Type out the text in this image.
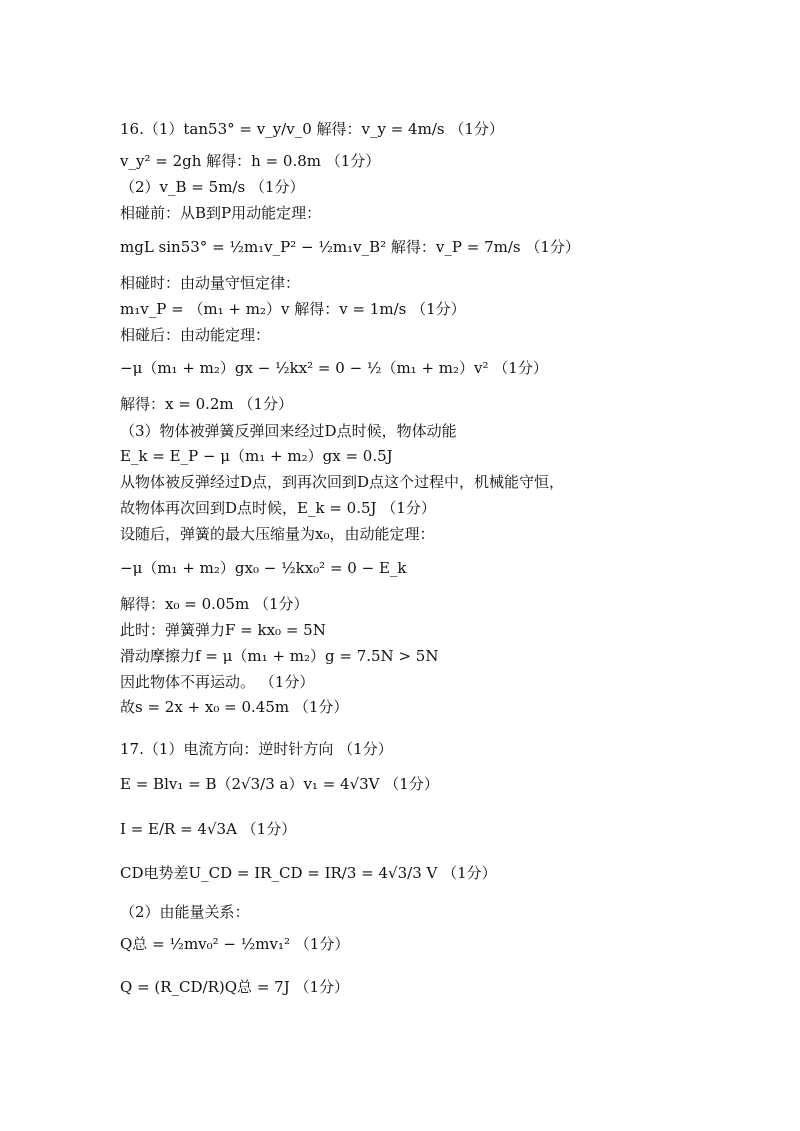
16.（1）tan53° = v_y/v_0 解得：v_y = 4m/s （1分）
v_y² = 2gh 解得：h = 0.8m （1分）
（2）v_B = 5m/s （1分）
相碰前：从B到P用动能定理：
mgL sin53° = ½m₁v_P² − ½m₁v_B² 解得：v_P = 7m/s （1分）
相碰时：由动量守恒定律：
m₁v_P = （m₁ + m₂）v 解得：v = 1m/s （1分）
相碰后：由动能定理：
−μ（m₁ + m₂）gx − ½kx² = 0 − ½（m₁ + m₂）v² （1分）
解得：x = 0.2m （1分）
（3）物体被弹簧反弹回来经过D点时候，物体动能
E_k = E_P − μ（m₁ + m₂）gx = 0.5J
从物体被反弹经过D点，到再次回到D点这个过程中，机械能守恒，
故物体再次回到D点时候，E_k = 0.5J （1分）
设随后，弹簧的最大压缩量为x₀，由动能定理：
−μ（m₁ + m₂）gx₀ − ½kx₀² = 0 − E_k
解得：x₀ = 0.05m （1分）
此时：弹簧弹力F = kx₀ = 5N
滑动摩擦力f = μ（m₁ + m₂）g = 7.5N > 5N
因此物体不再运动。 （1分）
故s = 2x + x₀ = 0.45m （1分）
17.（1）电流方向：逆时针方向 （1分）
E = Blv₁ = B（2√3/3 a）v₁ = 4√3V （1分）
I = E/R = 4√3A （1分）
CD电势差U_CD = IR_CD = IR/3 = 4√3/3 V （1分）
（2）由能量关系：
Q总 = ½mv₀² − ½mv₁² （1分）
Q = (R_CD/R)Q总 = 7J （1分）
